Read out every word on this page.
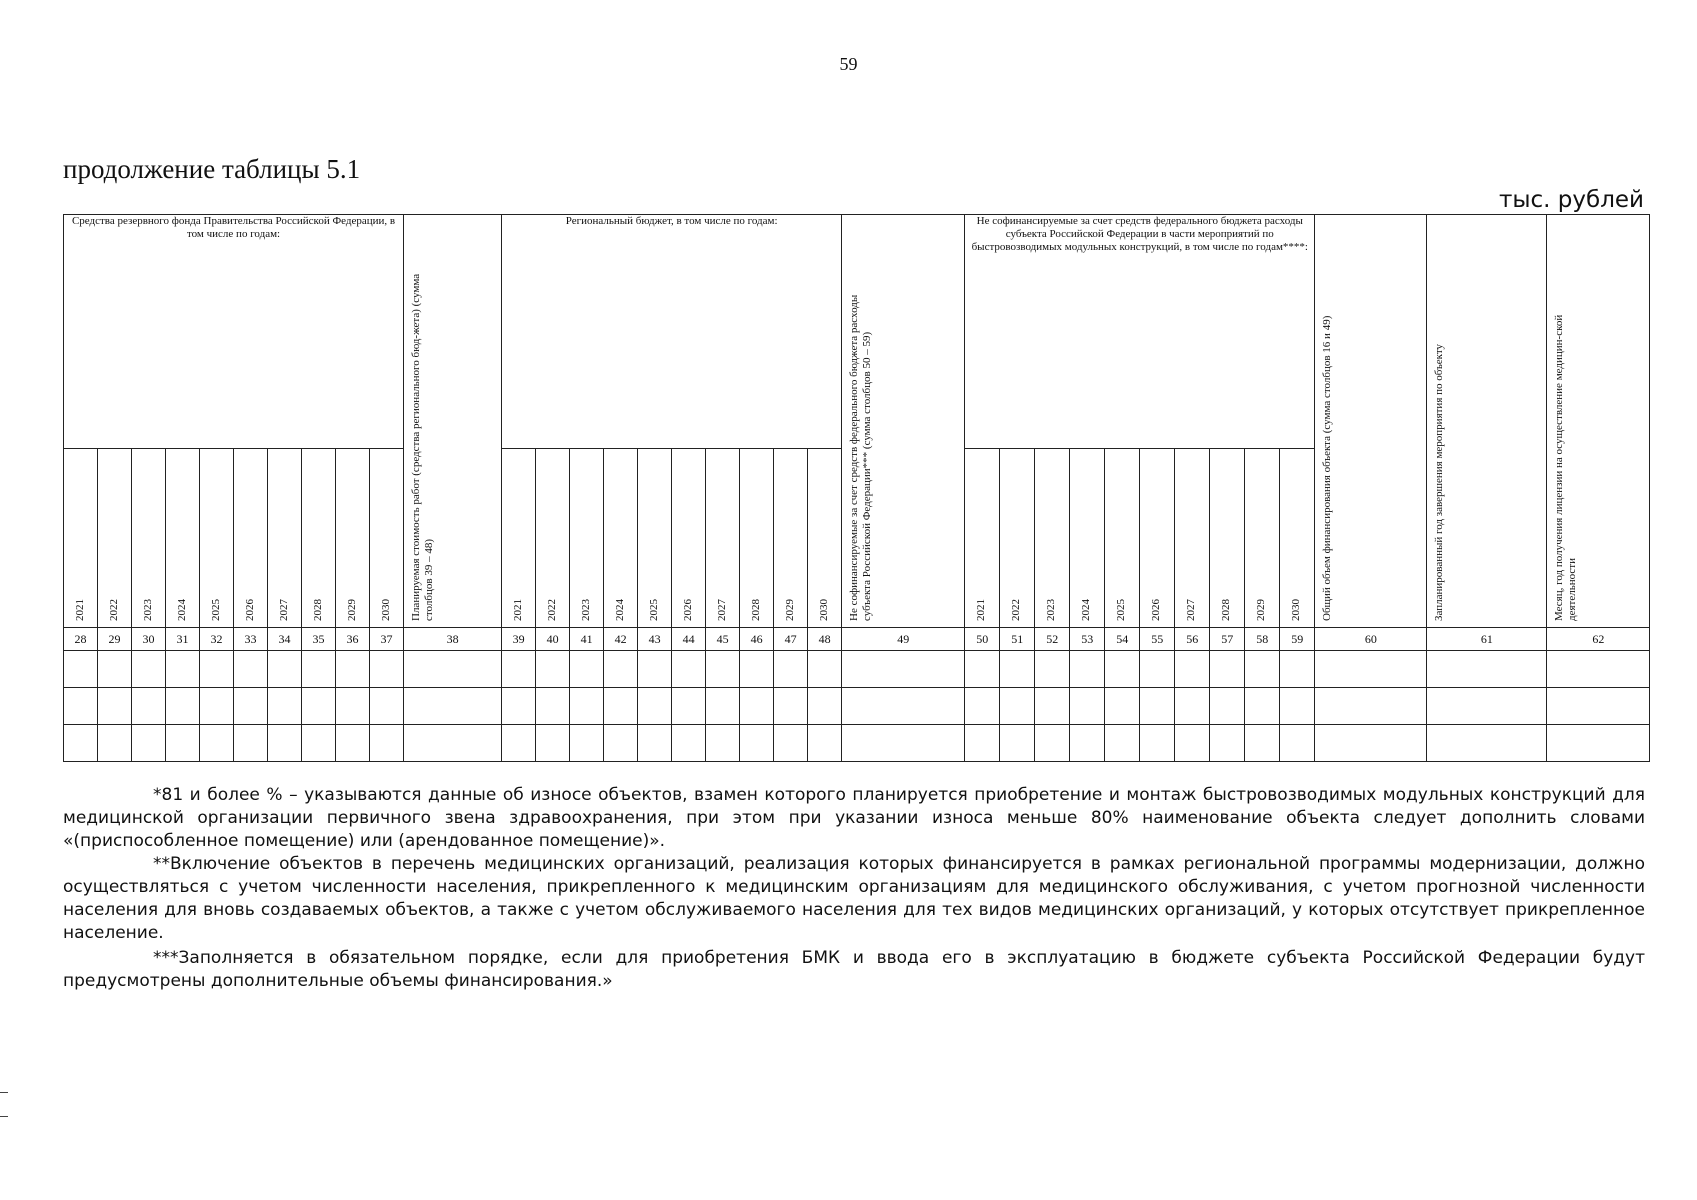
59
продолжение таблицы 5.1
тыс. рублей
Средства резервного фонда Правительства Российской Федерации, в том числе по годам:										Планируемая стоимость работ (средства регионального бюд-жета) (сумма столбцов 39 – 48)	Региональный бюджет, в том числе по годам:										Не софинансируемые за счет средств федерального бюджета расходы субъекта Российской Федерации*** (сумма столбцов 50 – 59)	Не софинансируемые за счет средств федерального бюджета расходы субъекта Российской Федерации в части мероприятий по быстровозводимых модульных конструкций, в том числе по годам****:										Общий объем финансирования объекта (сумма столбцов 16 и 49)	Запланированный год завершения мероприятия по объекту	Месяц, год получения лицензии на осуществление медицин-ской деятельности

2021	2022	2023	2024	2025	2026	2027	2028	2029	2030		2021	2022	2023	2024	2025	2026	2027	2028	2029	2030		2021	2022	2023	2024	2025	2026	2027	2028	2029	2030			

28	29	30	31	32	33	34	35	36	37	38	39	40	41	42	43	44	45	46	47	48	49	50	51	52	53	54	55	56	57	58	59	60	61	62

*81 и более % – указываются данные об износе объектов, взамен которого планируется приобретение и монтаж быстровозводимых модульных конструкций для медицинской организации первичного звена здравоохранения, при этом при указании износа меньше 80% наименование объекта следует дополнить словами «(приспособленное помещение) или (арендованное помещение)».

**Включение объектов в перечень медицинских организаций, реализация которых финансируется в рамках региональной программы модернизации, должно осуществляться с учетом численности населения, прикрепленного к медицинским организациям для медицинского обслуживания, с учетом прогнозной численности населения для вновь создаваемых объектов, а также с учетом обслуживаемого населения для тех видов медицинских организаций, у которых отсутствует прикрепленное население.

***Заполняется в обязательном порядке, если для приобретения БМК и ввода его в эксплуатацию в бюджете субъекта Российской Федерации будут предусмотрены дополнительные объемы финансирования.»
